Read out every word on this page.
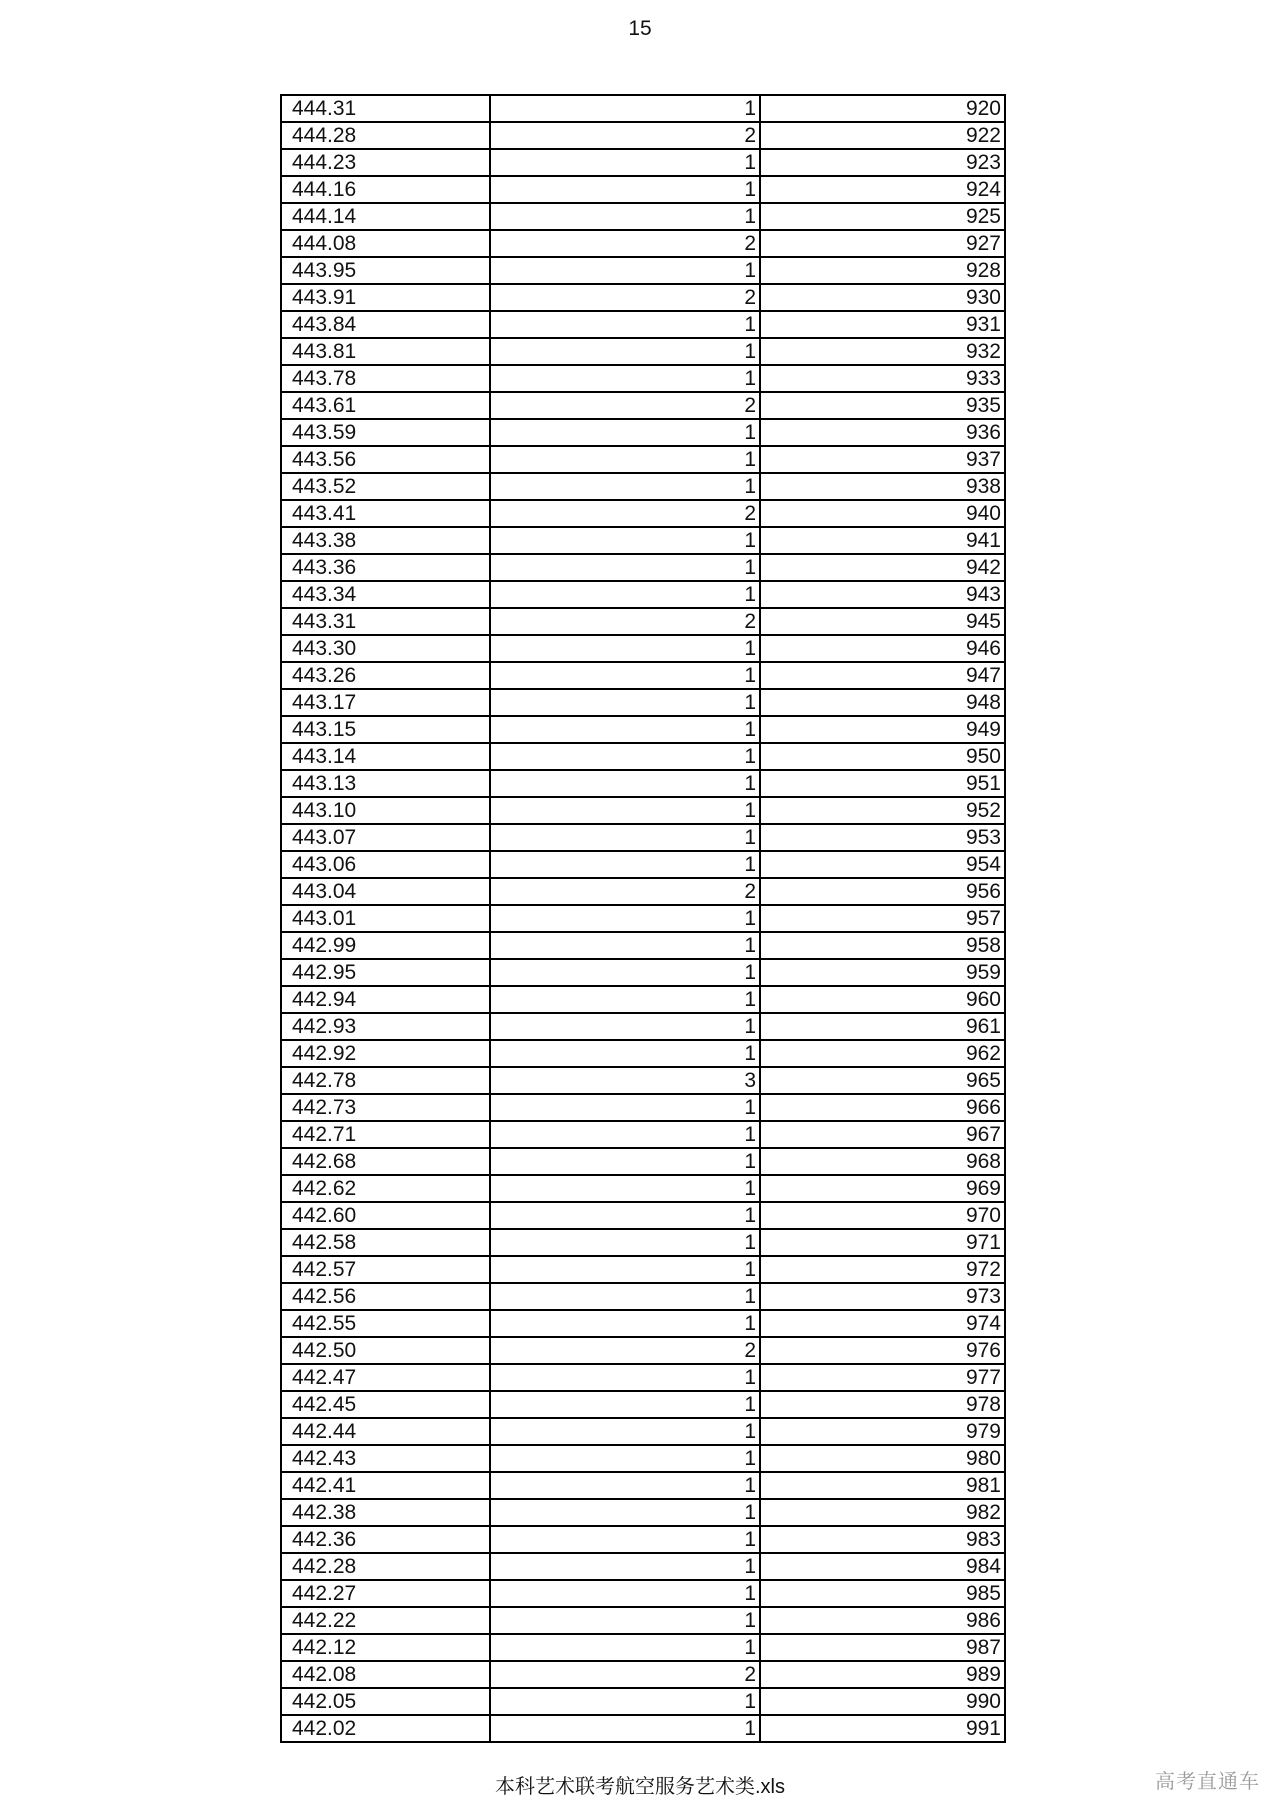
15
444.31	1	920
444.28	2	922
444.23	1	923
444.16	1	924
444.14	1	925
444.08	2	927
443.95	1	928
443.91	2	930
443.84	1	931
443.81	1	932
443.78	1	933
443.61	2	935
443.59	1	936
443.56	1	937
443.52	1	938
443.41	2	940
443.38	1	941
443.36	1	942
443.34	1	943
443.31	2	945
443.30	1	946
443.26	1	947
443.17	1	948
443.15	1	949
443.14	1	950
443.13	1	951
443.10	1	952
443.07	1	953
443.06	1	954
443.04	2	956
443.01	1	957
442.99	1	958
442.95	1	959
442.94	1	960
442.93	1	961
442.92	1	962
442.78	3	965
442.73	1	966
442.71	1	967
442.68	1	968
442.62	1	969
442.60	1	970
442.58	1	971
442.57	1	972
442.56	1	973
442.55	1	974
442.50	2	976
442.47	1	977
442.45	1	978
442.44	1	979
442.43	1	980
442.41	1	981
442.38	1	982
442.36	1	983
442.28	1	984
442.27	1	985
442.22	1	986
442.12	1	987
442.08	2	989
442.05	1	990
442.02	1	991
本科艺术联考航空服务艺术类.xls	高考直通车
